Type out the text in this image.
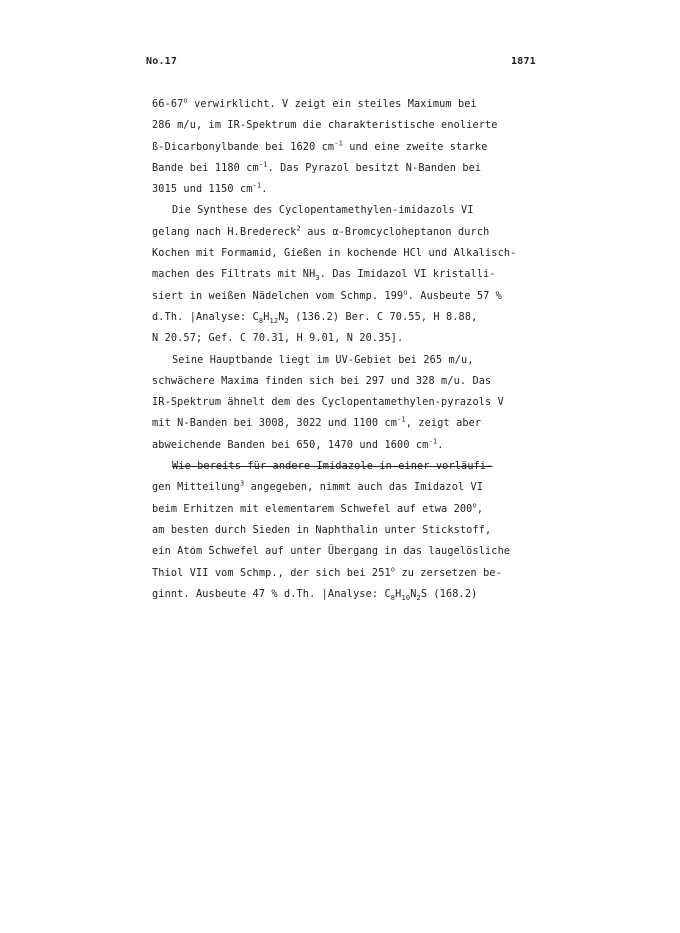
No.17	1871
66-67$^o$ verwirklicht. V zeigt ein steiles Maximum bei
286 m/u, im IR-Spektrum die charakteristische enolierte
ß-Dicarbonylbande bei 1620 $cm^{-1}$ und eine zweite starke
Bande bei 1180 $cm^{-1}$. Das Pyrazol besitzt N-Banden bei
3015 und 1150 $cm^{-1}$.
Die Synthese des Cyclopentamethylen-imidazols VI
gelang nach H.Bredereck$^2$ aus α-Bromcycloheptanon durch
Kochen mit Formamid, Gießen in kochende HCl und Alkalisch-
machen des Filtrats mit $NH_3$. Das Imidazol VI kristalli-
siert in weißen Nädelchen vom Schmp. 199$^o$. Ausbeute 57 %
d.Th. |Analyse: $C_8H_{12}N_2$ (136.2) Ber. C 70.55, H 8.88,
N 20.57; Gef. C 70.31, H 9.01, N 20.35].
Seine Hauptbande liegt im UV-Gebiet bei 265 m/u,
schwächere Maxima finden sich bei 297 und 328 m/u. Das
IR-Spektrum ähnelt dem des Cyclopentamethylen-pyrazols V
mit N-Banden bei 3008, 3022 und 1100 $cm^{-1}$, zeigt aber
abweichende Banden bei 650, 1470 und 1600 $cm^{-1}$.
Wie bereits für andere Imidazole in einer vorläufi-
gen Mitteilung$^3$ angegeben, nimmt auch das Imidazol VI
beim Erhitzen mit elementarem Schwefel auf etwa 200$^o$,
am besten durch Sieden in Naphthalin unter Stickstoff,
ein Atom Schwefel auf unter Übergang in das laugelösliche
Thiol VII vom Schmp., der sich bei 251$^o$ zu zersetzen be-
ginnt. Ausbeute 47 % d.Th. |Analyse: $C_8H_{10}N_2S$ (168.2)
